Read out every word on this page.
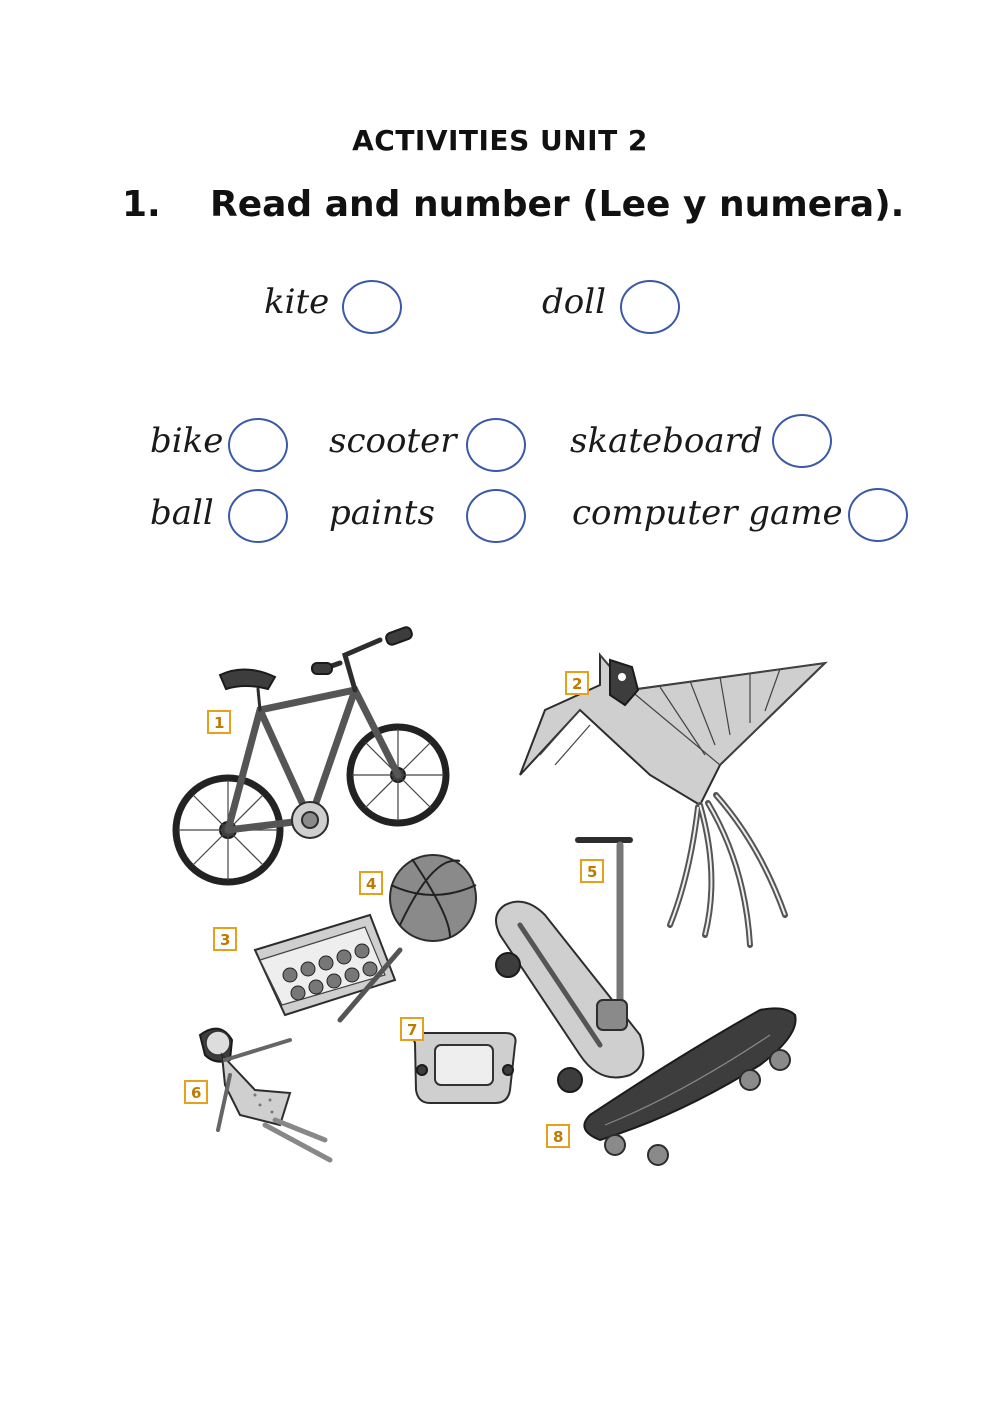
ACTIVITIES UNIT 2
1. Read and number (Lee y numera).
kite	doll
bike	scooter	skateboard
ball	paints	computer game
1
2
4
5
3
6
7
8
